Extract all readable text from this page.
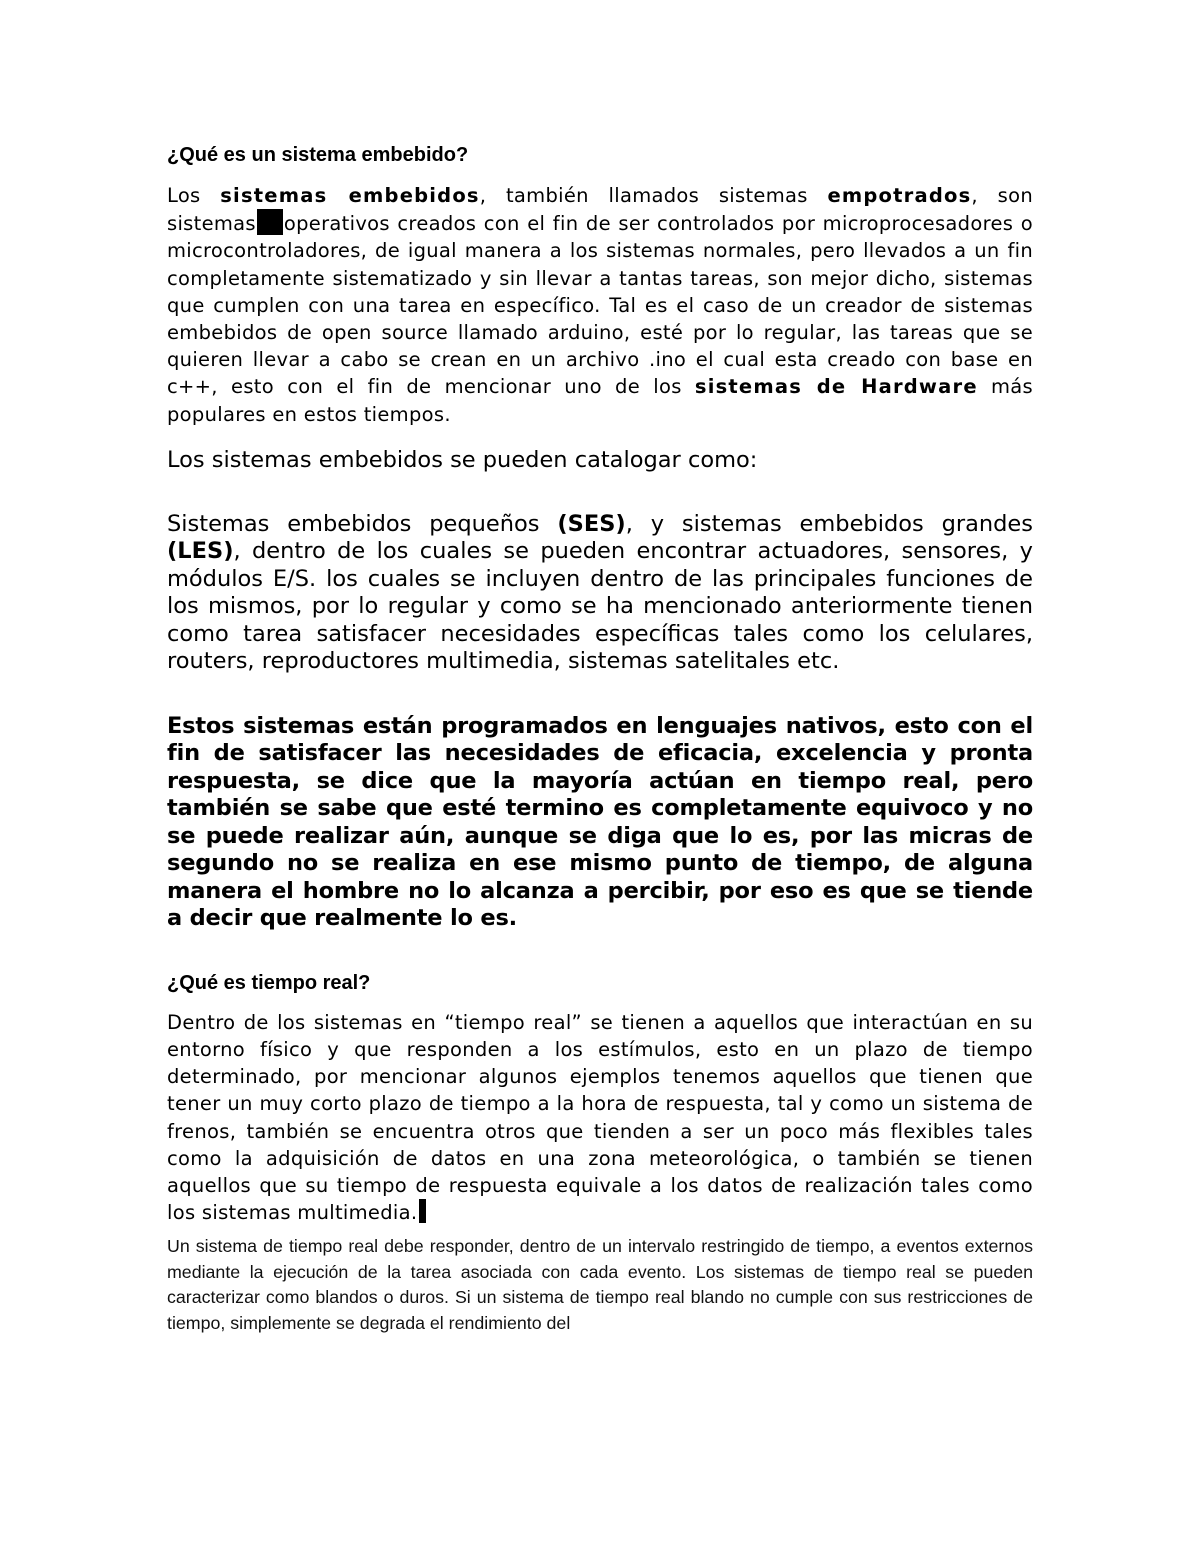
¿Qué es un sistema embebido?

Los sistemas embebidos, también llamados sistemas empotrados, son sistemas operativos creados con el fin de ser controlados por microprocesadores o microcontroladores, de igual manera a los sistemas normales, pero llevados a un fin completamente sistematizado y sin llevar a tantas tareas, son mejor dicho, sistemas que cumplen con una tarea en específico. Tal es el caso de un creador de sistemas embebidos de open source llamado arduino, esté por lo regular, las tareas que se quieren llevar a cabo se crean en un archivo .ino el cual esta creado con base en c++, esto con el fin de mencionar uno de los sistemas de Hardware más populares en estos tiempos.

Los sistemas embebidos se pueden catalogar como:

Sistemas embebidos pequeños (SES), y sistemas embebidos grandes (LES), dentro de los cuales se pueden encontrar actuadores, sensores, y módulos E/S. los cuales se incluyen dentro de las principales funciones de los mismos, por lo regular y como se ha mencionado anteriormente tienen como tarea satisfacer necesidades específicas tales como los celulares, routers, reproductores multimedia, sistemas satelitales etc.

Estos sistemas están programados en lenguajes nativos, esto con el fin de satisfacer las necesidades de eficacia, excelencia y pronta respuesta, se dice que la mayoría actúan en tiempo real, pero también se sabe que esté termino es completamente equivoco y no se puede realizar aún, aunque se diga que lo es, por las micras de segundo no se realiza en ese mismo punto de tiempo, de alguna manera el hombre no lo alcanza a percibir, por eso es que se tiende a decir que realmente lo es.

¿Qué es tiempo real?

Dentro de los sistemas en “tiempo real” se tienen a aquellos que interactúan en su entorno físico y que responden a los estímulos, esto en un plazo de tiempo determinado, por mencionar algunos ejemplos tenemos aquellos que tienen que tener un muy corto plazo de tiempo a la hora de respuesta, tal y como un sistema de frenos, también se encuentra otros que tienden a ser un poco más flexibles tales como la adquisición de datos en una zona meteorológica, o también se tienen aquellos que su tiempo de respuesta equivale a los datos de realización tales como los sistemas multimedia.

Un sistema de tiempo real debe responder, dentro de un intervalo restringido de tiempo, a eventos externos mediante la ejecución de la tarea asociada con cada evento. Los sistemas de tiempo real se pueden caracterizar como blandos o duros. Si un sistema de tiempo real blando no cumple con sus restricciones de tiempo, simplemente se degrada el rendimiento del
